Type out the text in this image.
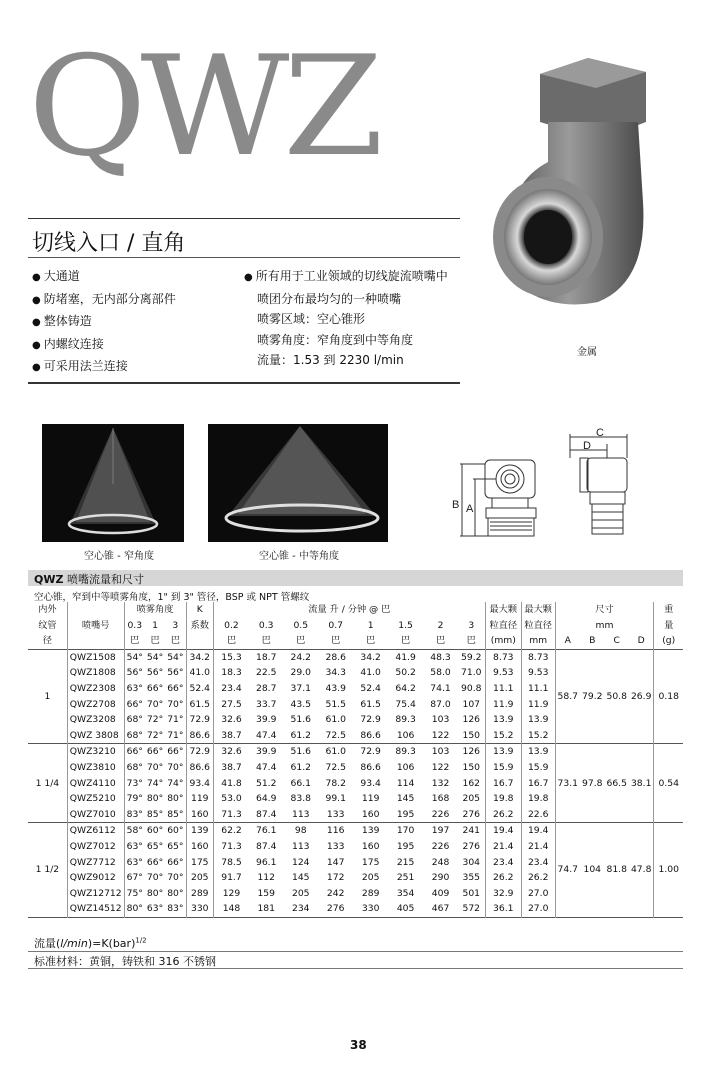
QWZ
切线入口 / 直角
● 大通道
● 防堵塞，无内部分离部件
● 整体铸造
● 内螺纹连接
● 可采用法兰连接
● 所有用于工业领域的切线旋流喷嘴中
喷团分布最均匀的一种喷嘴
喷雾区域：空心锥形
喷雾角度：窄角度到中等角度
流量：1.53 到 2230 l/min
金属
空心锥 - 窄角度	空心锥 - 中等角度
B A
C
D
QWZ 喷嘴流量和尺寸
空心锥，窄到中等喷雾角度，1" 到 3" 管径，BSP 或 NPT 管螺纹
内外		喷雾角度			K	流量 升 / 分钟 @ 巴								最大颗	最大颗	尺寸				重
纹管	喷嘴号	0.3	1	3	系数	0.2	0.3	0.5	0.7	1	1.5	2	3	粒直径	粒直径	mm				量
径		巴	巴	巴		巴	巴	巴	巴	巴	巴	巴	巴	(mm)	mm	A	B	C	D	(g)
1	QWZ1508	54°	54°	54°	34.2	15.3	18.7	24.2	28.6	34.2	41.9	48.3	59.2	8.73	8.73	58.7	79.2	50.8	26.9	0.18
	QWZ1808	56°	56°	56°	41.0	18.3	22.5	29.0	34.3	41.0	50.2	58.0	71.0	9.53	9.53					
	QWZ2308	63°	66°	66°	52.4	23.4	28.7	37.1	43.9	52.4	64.2	74.1	90.8	11.1	11.1					
	QWZ2708	66°	70°	70°	61.5	27.5	33.7	43.5	51.5	61.5	75.4	87.0	107	11.9	11.9					
	QWZ3208	68°	72°	71°	72.9	32.6	39.9	51.6	61.0	72.9	89.3	103	126	13.9	13.9					
	QWZ 3808	68°	72°	71°	86.6	38.7	47.4	61.2	72.5	86.6	106	122	150	15.2	15.2					
1 1/4	QWZ3210	66°	66°	66°	72.9	32.6	39.9	51.6	61.0	72.9	89.3	103	126	13.9	13.9	73.1	97.8	66.5	38.1	0.54
	QWZ3810	68°	70°	70°	86.6	38.7	47.4	61.2	72.5	86.6	106	122	150	15.9	15.9					
	QWZ4110	73°	74°	74°	93.4	41.8	51.2	66.1	78.2	93.4	114	132	162	16.7	16.7					
	QWZ5210	79°	80°	80°	119	53.0	64.9	83.8	99.1	119	145	168	205	19.8	19.8					
	QWZ7010	83°	85°	85°	160	71.3	87.4	113	133	160	195	226	276	26.2	22.6					
1 1/2	QWZ6112	58°	60°	60°	139	62.2	76.1	98	116	139	170	197	241	19.4	19.4	74.7	104	81.8	47.8	1.00
	QWZ7012	63°	65°	65°	160	71.3	87.4	113	133	160	195	226	276	21.4	21.4					
	QWZ7712	63°	66°	66°	175	78.5	96.1	124	147	175	215	248	304	23.4	23.4					
	QWZ9012	67°	70°	70°	205	91.7	112	145	172	205	251	290	355	26.2	26.2					
	QWZ12712	75°	80°	80°	289	129	159	205	242	289	354	409	501	32.9	27.0					
	QWZ14512	80°	63°	83°	330	148	181	234	276	330	405	467	572	36.1	27.0					
流量(l/min)=K(bar)$^{1/2}$
标准材料：黄铜，铸铁和 316 不锈钢
38
